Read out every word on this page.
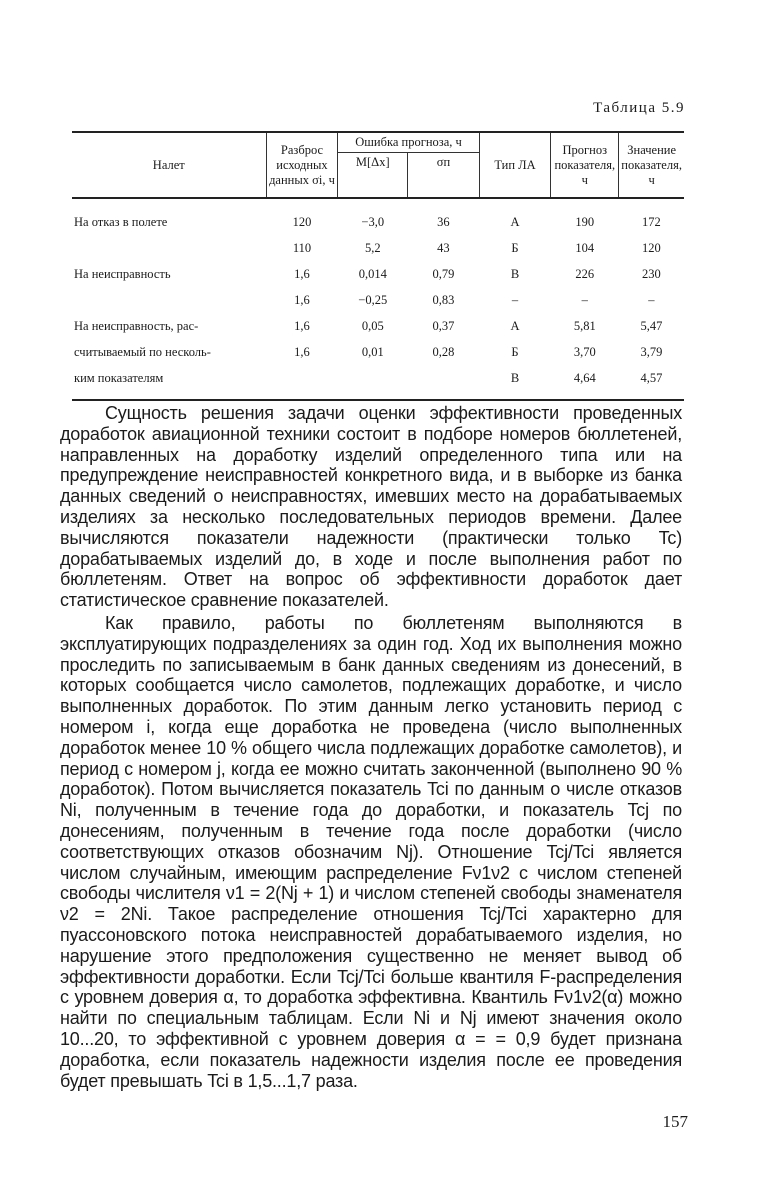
Таблица 5.9
Налет	Разброс исходных данных σi, ч	Ошибка прогноза, ч		Тип ЛА	Прогноз показателя, ч	Значение показателя, ч
		M[Δx]	σп			
На отказ в полете	120	−3,0	36	А	190	172
	110	5,2	43	Б	104	120
На неисправность	1,6	0,014	0,79	В	226	230
	1,6	−0,25	0,83	–	–	–
На неисправность, рас-	1,6	0,05	0,37	А	5,81	5,47
считываемый по несколь-	1,6	0,01	0,28	Б	3,70	3,79
ким показателям				В	4,64	4,57

Сущность решения задачи оценки эффективности проведенных доработок авиационной техники состоит в подборе номеров бюллетеней, направленных на доработку изделий определенного типа или на предупреждение неисправностей конкретного вида, и в выборке из банка данных сведений о неисправностях, имевших место на дорабатываемых изделиях за несколько последовательных периодов времени. Далее вычисляются показатели надежности (практически только Tc) дорабатываемых изделий до, в ходе и после выполнения работ по бюллетеням. Ответ на вопрос об эффективности доработок дает статистическое сравнение показателей.

Как правило, работы по бюллетеням выполняются в эксплуатирующих подразделениях за один год. Ход их выполнения можно проследить по записываемым в банк данных сведениям из донесений, в которых сообщается число самолетов, подлежащих доработке, и число выполненных доработок. По этим данным легко установить период с номером i, когда еще доработка не проведена (число выполненных доработок менее 10 % общего числа подлежащих доработке самолетов), и период с номером j, когда ее можно считать законченной (выполнено 90 % доработок). Потом вычисляется показатель Tci по данным о числе отказов Ni, полученным в течение года до доработки, и показатель Tcj по донесениям, полученным в течение года после доработки (число соответствующих отказов обозначим Nj). Отношение Tcj/Tci является числом случайным, имеющим распределение Fν1ν2 с числом степеней свободы числителя ν1 = 2(Nj + 1) и числом степеней свободы знаменателя ν2 = 2Ni. Такое распределение отношения Tcj/Tci характерно для пуассоновского потока неисправностей дорабатываемого изделия, но нарушение этого предположения существенно не меняет вывод об эффективности доработки. Если Tcj/Tci больше квантиля F-распределения с уровнем доверия α, то доработка эффективна. Квантиль Fν1ν2(α) можно найти по специальным таблицам. Если Ni и Nj имеют значения около 10...20, то эффективной с уровнем доверия α = = 0,9 будет признана доработка, если показатель надежности изделия после ее проведения будет превышать Tci в 1,5...1,7 раза.

157
